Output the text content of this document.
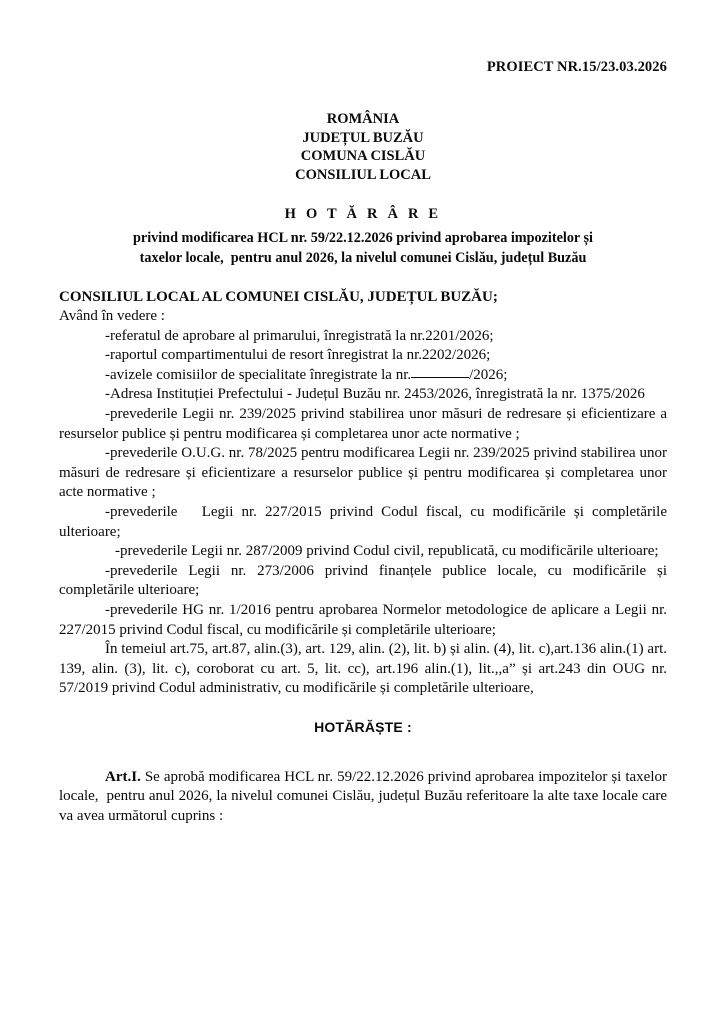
PROIECT NR.15/23.03.2026
ROMÂNIA
JUDEȚUL BUZĂU
COMUNA CISLĂU
CONSILIUL LOCAL
H O T Ă R Â R E
privind modificarea HCL nr. 59/22.12.2026 privind aprobarea impozitelor și
taxelor locale,  pentru anul 2026, la nivelul comunei Cislău, județul Buzău
CONSILIUL LOCAL AL COMUNEI CISLĂU, JUDEȚUL BUZĂU;
Având în vedere :

-referatul de aprobare al primarului, înregistrată la nr.2201/2026;

-raportul compartimentului de resort înregistrat la nr.2202/2026;

-avizele comisiilor de specialitate înregistrate la nr.	/2026;

-Adresa Instituției Prefectului - Județul Buzău nr. 2453/2026, înregistrată la nr. 1375/2026

-prevederile Legii nr. 239/2025 privind stabilirea unor măsuri de redresare și eficientizare a resurselor publice și pentru modificarea și completarea unor acte normative ;

-prevederile O.U.G. nr. 78/2025 pentru modificarea Legii nr. 239/2025 privind stabilirea unor măsuri de redresare și eficientizare a resurselor publice și pentru modificarea și completarea unor acte normative ;

-prevederile   Legii nr. 227/2015 privind Codul fiscal, cu modificările și completările ulterioare;

-prevederile Legii nr. 287/2009 privind Codul civil, republicată, cu modificările ulterioare;

-prevederile Legii nr. 273/2006 privind finanțele publice locale, cu modificările și completările ulterioare;

-prevederile HG nr. 1/2016 pentru aprobarea Normelor metodologice de aplicare a Legii nr. 227/2015 privind Codul fiscal, cu modificările și completările ulterioare;

În temeiul art.75, art.87, alin.(3), art. 129, alin. (2), lit. b) și alin. (4), lit. c),art.136 alin.(1) art. 139, alin. (3), lit. c), coroborat cu art. 5, lit. cc), art.196 alin.(1), lit.,,a” și art.243 din OUG nr. 57/2019 privind Codul administrativ, cu modificările și completările ulterioare,

HOTĂRĂȘTE :

Art.I. Se aprobă modificarea HCL nr. 59/22.12.2026 privind aprobarea impozitelor și taxelor locale,  pentru anul 2026, la nivelul comunei Cislău, județul Buzău referitoare la alte taxe locale care va avea următorul cuprins :
